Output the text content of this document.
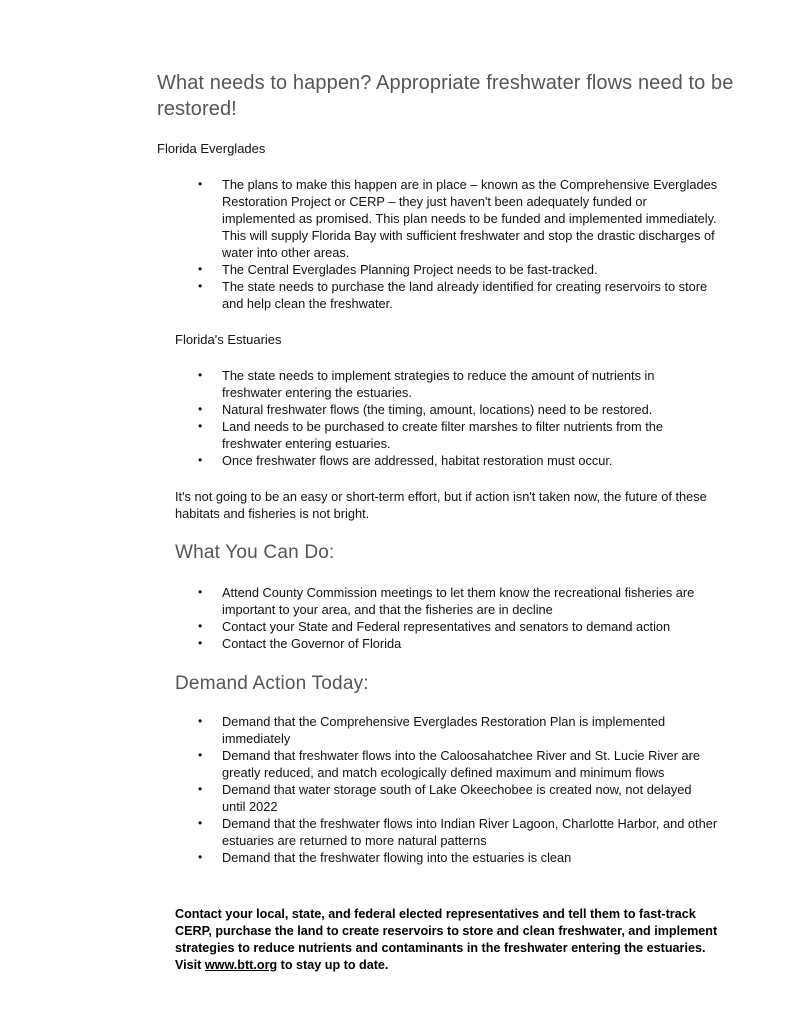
What needs to happen? Appropriate freshwater flows need to be restored!

Florida Everglades

• The plans to make this happen are in place – known as the Comprehensive Everglades Restoration Project or CERP – they just haven't been adequately funded or implemented as promised. This plan needs to be funded and implemented immediately. This will supply Florida Bay with sufficient freshwater and stop the drastic discharges of water into other areas.
• The Central Everglades Planning Project needs to be fast-tracked.
• The state needs to purchase the land already identified for creating reservoirs to store and help clean the freshwater.

Florida's Estuaries

• The state needs to implement strategies to reduce the amount of nutrients in freshwater entering the estuaries.
• Natural freshwater flows (the timing, amount, locations) need to be restored.
• Land needs to be purchased to create filter marshes to filter nutrients from the freshwater entering estuaries.
• Once freshwater flows are addressed, habitat restoration must occur.

It's not going to be an easy or short-term effort, but if action isn't taken now, the future of these habitats and fisheries is not bright.

What You Can Do:
• Attend County Commission meetings to let them know the recreational fisheries are important to your area, and that the fisheries are in decline
• Contact your State and Federal representatives and senators to demand action
• Contact the Governor of Florida
Demand Action Today:
• Demand that the Comprehensive Everglades Restoration Plan is implemented immediately
• Demand that freshwater flows into the Caloosahatchee River and St. Lucie River are greatly reduced, and match ecologically defined maximum and minimum flows
• Demand that water storage south of Lake Okeechobee is created now, not delayed until 2022
• Demand that the freshwater flows into Indian River Lagoon, Charlotte Harbor, and other estuaries are returned to more natural patterns
• Demand that the freshwater flowing into the estuaries is clean

Contact your local, state, and federal elected representatives and tell them to fast-track CERP, purchase the land to create reservoirs to store and clean freshwater, and implement strategies to reduce nutrients and contaminants in the freshwater entering the estuaries. Visit www.btt.org to stay up to date.
